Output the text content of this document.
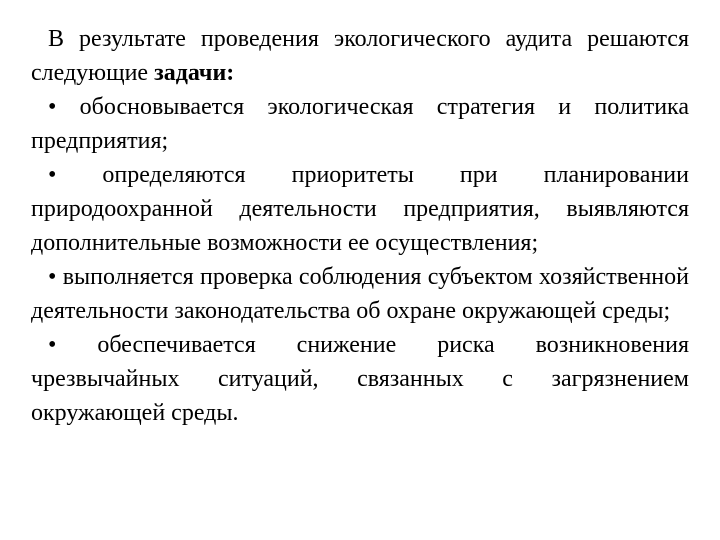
В результате проведения экологического аудита решаются следующие задачи:

• обосновывается экологическая стратегия и политика предприятия;

• определяются приоритеты при планировании природоохранной деятельности предприятия, выявляются дополнительные возможности ее осуществления;

• выполняется проверка соблюдения субъектом хозяйственной деятельности законодательства об охране окружающей среды;

• обеспечивается снижение риска возникновения чрезвычайных ситуаций, связанных с загрязнением окружающей среды.
